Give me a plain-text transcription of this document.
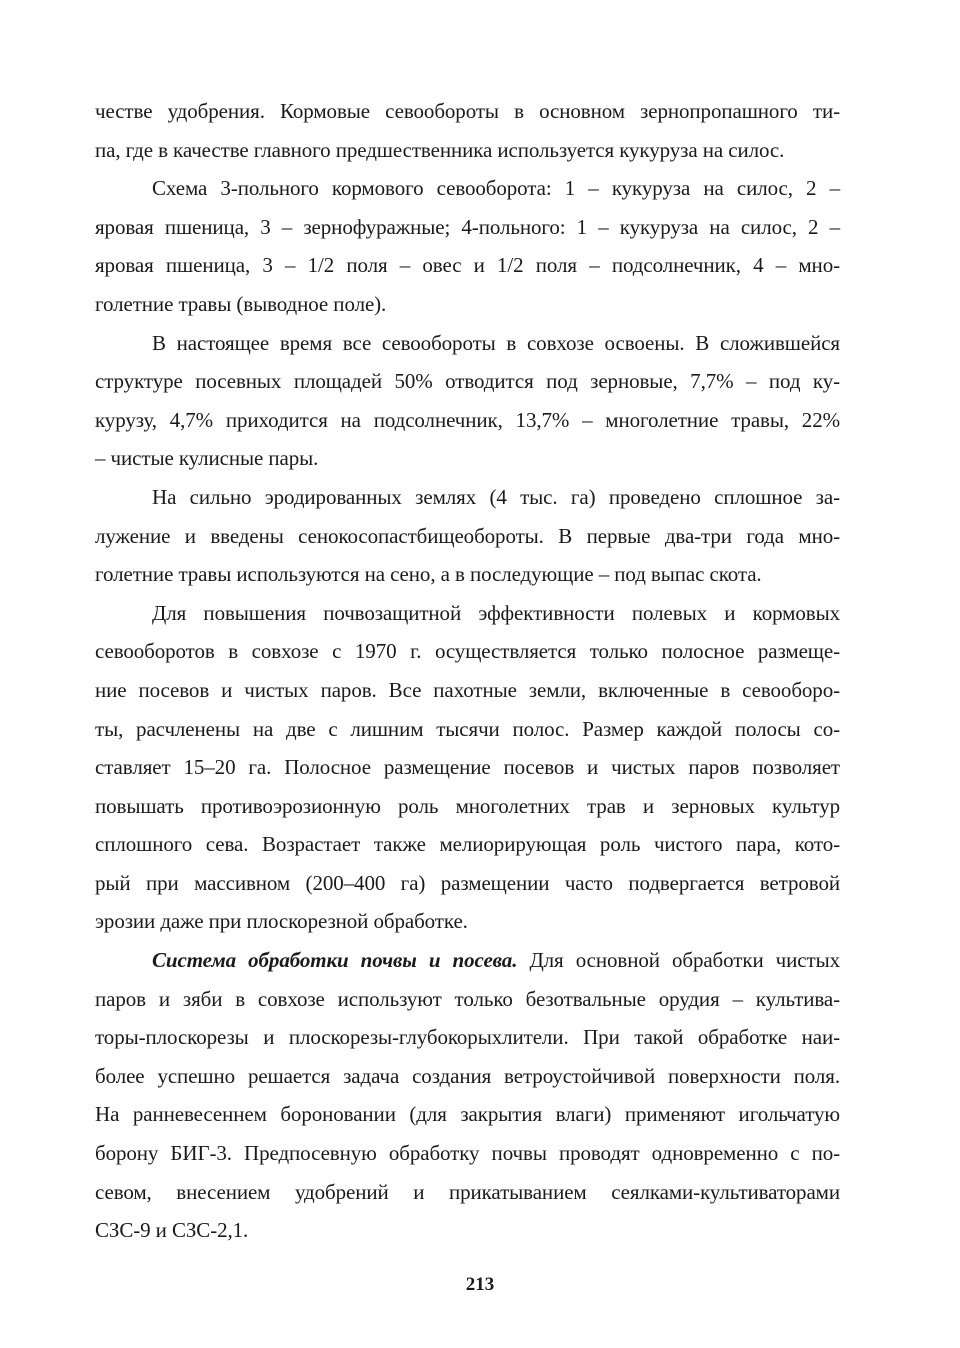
честве удобрения. Кормовые севообороты в основном зернопропашного ти-
па, где в качестве главного предшественника используется кукуруза на силос.
Схема 3-польного кормового севооборота: 1 – кукуруза на силос, 2 –
яровая пшеница, 3 – зернофуражные; 4-польного: 1 – кукуруза на силос, 2 –
яровая пшеница, 3 – 1/2 поля – овес и 1/2 поля – подсолнечник, 4 – мно-
голетние травы (выводное поле).
В настоящее время все севообороты в совхозе освоены. В сложившейся
структуре посевных площадей 50% отводится под зерновые, 7,7% – под ку-
курузу, 4,7% приходится на подсолнечник, 13,7% – многолетние травы, 22%
– чистые кулисные пары.
На сильно эродированных землях (4 тыс. га) проведено сплошное за-
лужение и введены сенокосопастбищеобороты. В первые два-три года мно-
голетние травы используются на сено, а в последующие – под выпас скота.
Для повышения почвозащитной эффективности полевых и кормовых
севооборотов в совхозе с 1970 г. осуществляется только полосное размеще-
ние посевов и чистых паров. Все пахотные земли, включенные в севообоpo-
ты, расчленены на две с лишним тысячи полос. Размер каждой полосы со-
ставляет 15–20 га. Полосное размещение посевов и чистых паров позволяет
повышать противоэрозионную роль многолетних трав и зерновых культур
сплошного сева. Возрастает также мелиорирующая роль чистого пара, кото-
рый при массивном (200–400 га) размещении часто подвергается ветровой
эрозии даже при плоскорезной обработке.
Система обработки почвы и посева. Для основной обработки чистых
паров и зяби в совхозе используют только безотвальные орудия – культива-
торы-плоскорезы и плоскорезы-глубокорыхлители. При такой обработке наи-
более успешно решается задача создания ветроустойчивой поверхности поля.
На ранневесеннем бороновании (для закрытия влаги) применяют игольчатую
борону БИГ-3. Предпосевную обработку почвы проводят одновременно с по-
севом, внесением удобрений и прикатыванием сеялками-культиваторами
СЗС-9 и СЗС-2,1.
213
